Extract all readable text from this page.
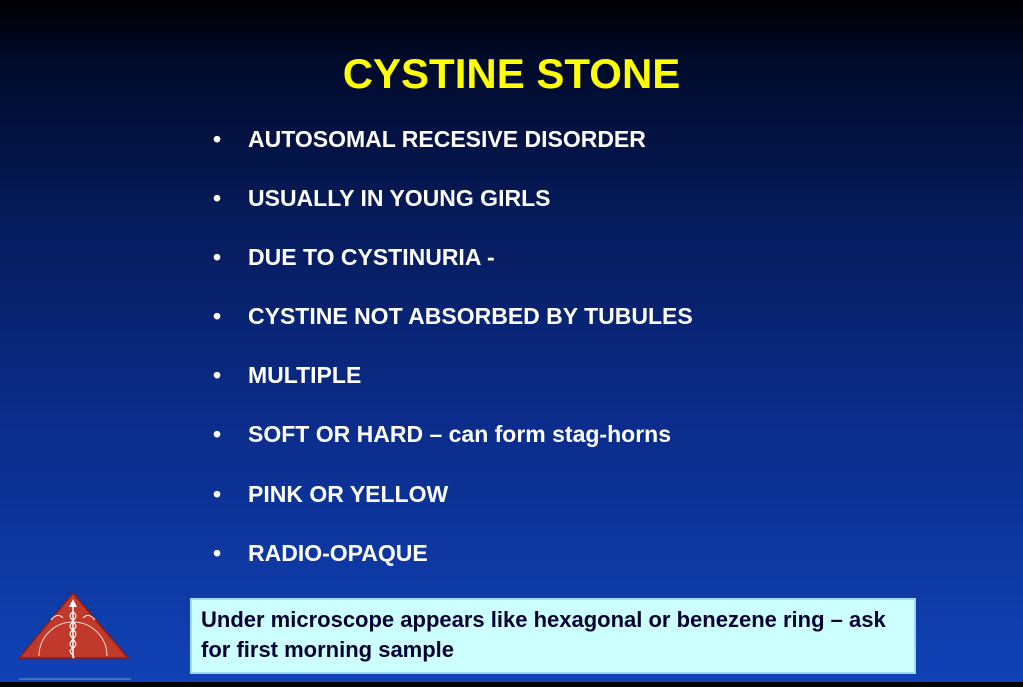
CYSTINE STONE
•	AUTOSOMAL RECESIVE DISORDER
•	USUALLY IN YOUNG GIRLS
•	DUE TO CYSTINURIA -
•	CYSTINE NOT ABSORBED BY TUBULES
•	MULTIPLE
•	SOFT OR HARD – can form stag-horns
•	PINK OR YELLOW
•	RADIO-OPAQUE
Under microscope appears like hexagonal or benezene ring – ask for first morning sample
